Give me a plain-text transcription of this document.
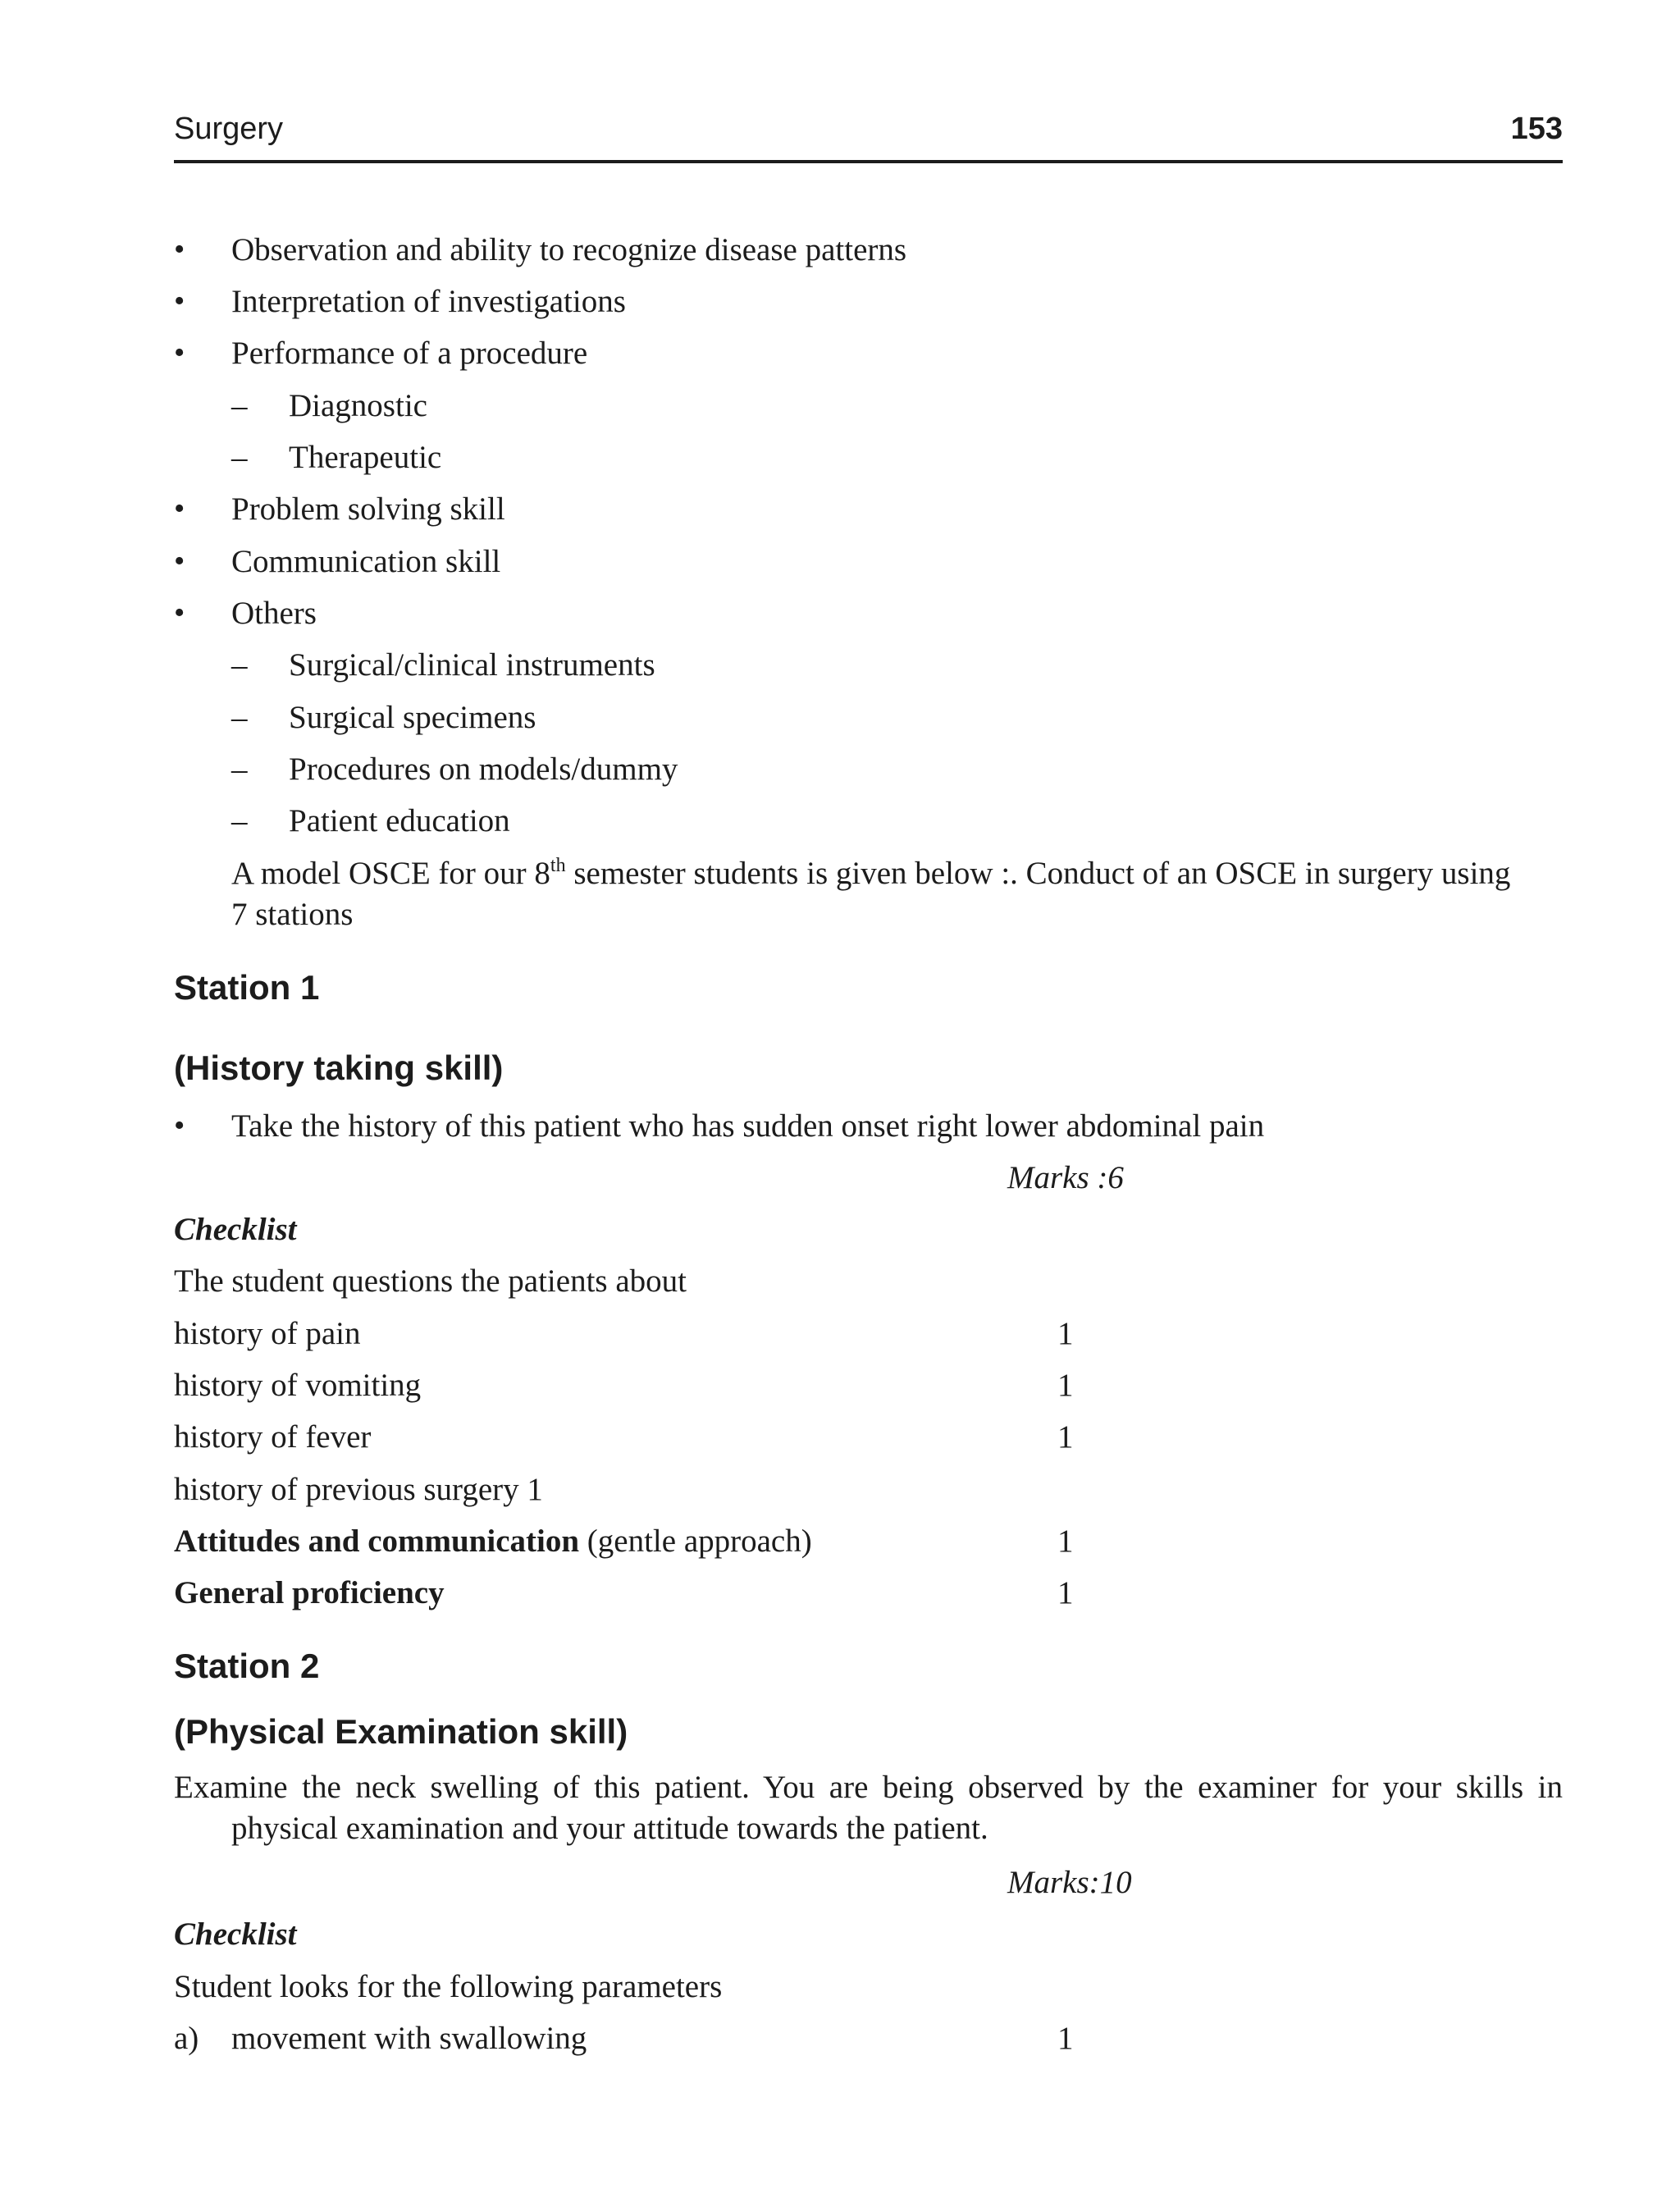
Surgery	153
• Observation and ability to recognize disease patterns
• Interpretation of investigations
• Performance of a procedure
– Diagnostic
– Therapeutic
• Problem solving skill
• Communication skill
• Others
– Surgical/clinical instruments
– Surgical specimens
– Procedures on models/dummy
– Patient education
A model OSCE for our 8th semester students is given below :. Conduct of an OSCE in surgery using
7 stations
Station 1
(History taking skill)
• Take the history of this patient who has sudden onset right lower abdominal pain
Marks :6
Checklist
The student questions the patients about
history of pain	1
history of vomiting	1
history of fever	1
history of previous surgery 1
Attitudes and communication (gentle approach)	1
General proficiency	1
Station 2
(Physical Examination skill)
Examine the neck swelling of this patient. You are being observed by the examiner for your skills in
physical examination and your attitude towards the patient.
Marks:10
Checklist
Student looks for the following parameters
a) movement with swallowing	1
